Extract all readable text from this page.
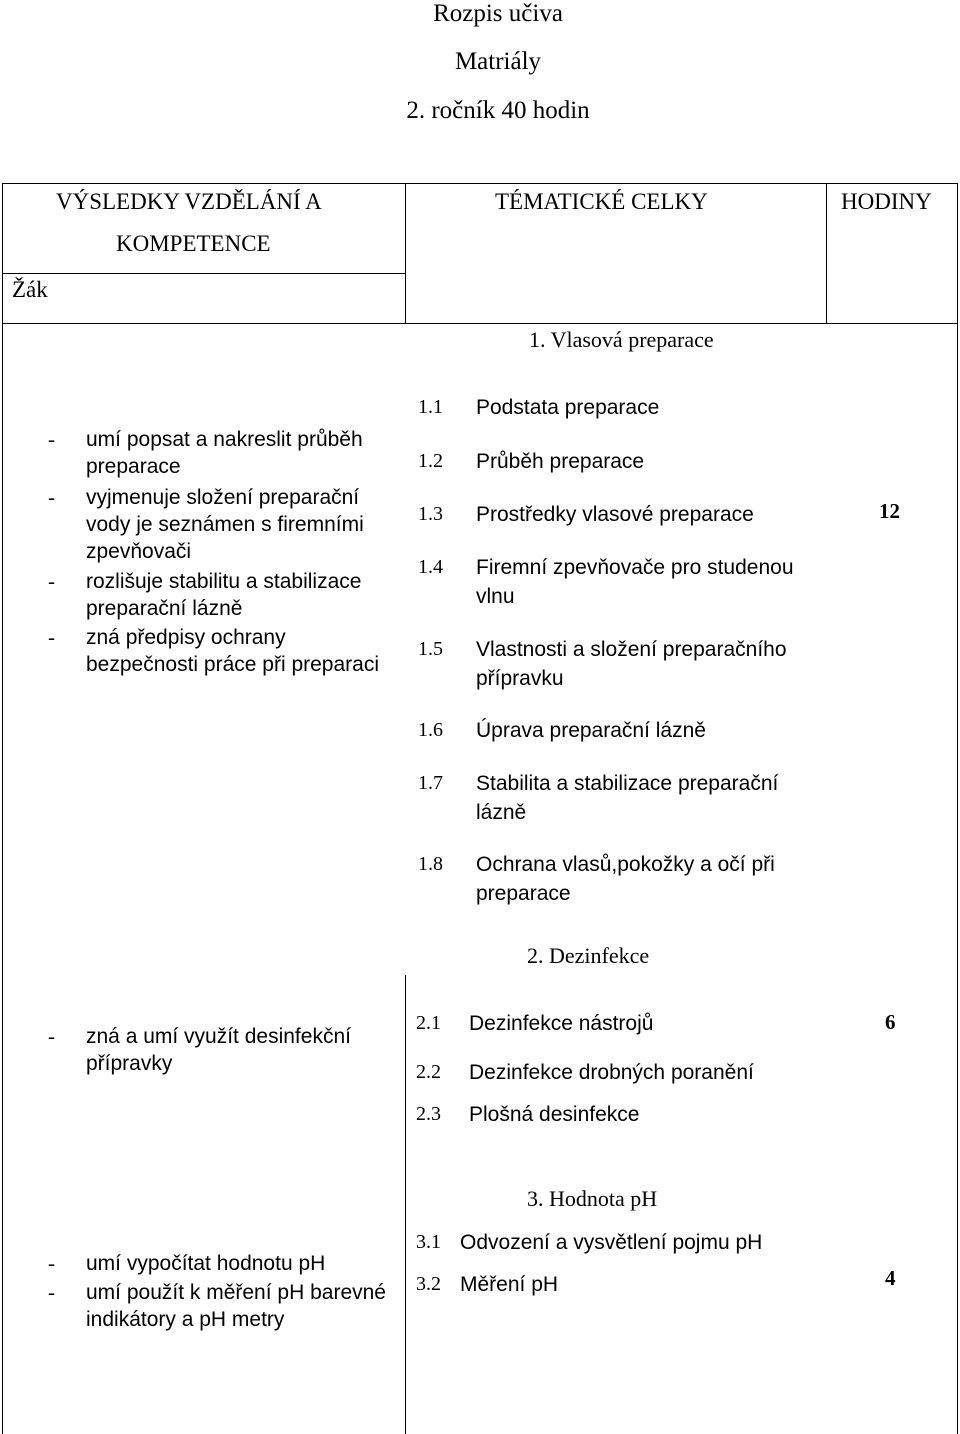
Rozpis učiva
Matriály
2. ročník 40 hodin
VÝSLEDKY VZDĚLÁNÍ A
KOMPETENCE
Žák
TÉMATICKÉ CELKY	HODINY
1. Vlasová preparace
- umí popsat a nakreslit průběh preparace
- vyjmenuje složení preparační vody je seznámen s firemními zpevňovači
- rozlišuje stabilitu a stabilizace preparační lázně
- zná předpisy ochrany bezpečnosti práce při preparaci
1.1 Podstata preparace
1.2 Průběh preparace
1.3 Prostředky vlasové preparace
1.4 Firemní zpevňovače pro studenou vlnu
1.5 Vlastnosti a složení preparačního přípravku
1.6 Úprava preparační lázně
1.7 Stabilita a stabilizace preparační lázně
1.8 Ochrana vlasů,pokožky a očí při preparace
12
2. Dezinfekce
- zná a umí využít desinfekční přípravky
2.1 Dezinfekce nástrojů
2.2 Dezinfekce drobných poranění
2.3 Plošná desinfekce
6
3. Hodnota pH
- umí vypočítat hodnotu pH
- umí použít k měření pH barevné indikátory a pH metry
3.1 Odvození a vysvětlení pojmu pH
3.2 Měření pH	4
